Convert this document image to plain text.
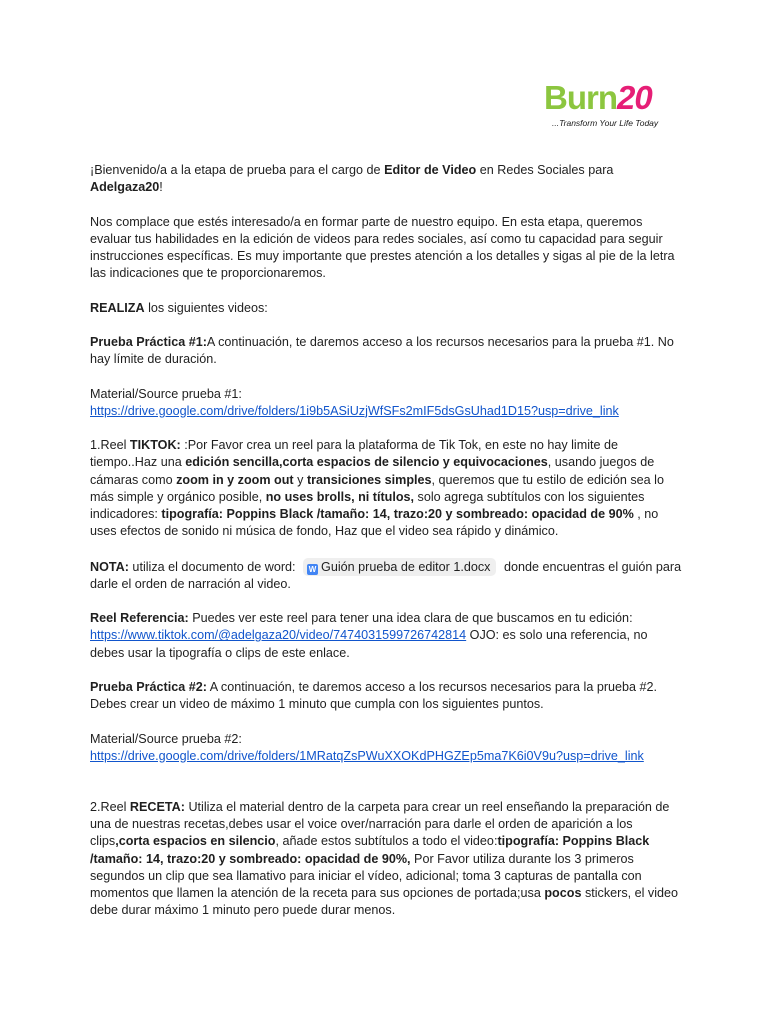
Burn20
...Transform Your Life Today

¡Bienvenido/a a la etapa de prueba para el cargo de Editor de Video en Redes Sociales para
Adelgaza20!

Nos complace que estés interesado/a en formar parte de nuestro equipo. En esta etapa, queremos
evaluar tus habilidades en la edición de videos para redes sociales, así como tu capacidad para seguir
instrucciones específicas. Es muy importante que prestes atención a los detalles y sigas al pie de la letra
las indicaciones que te proporcionaremos.

REALIZA los siguientes videos:

Prueba Práctica #1:A continuación, te daremos acceso a los recursos necesarios para la prueba #1. No
hay límite de duración.

Material/Source prueba #1:
https://drive.google.com/drive/folders/1i9b5ASiUzjWfSFs2mIF5dsGsUhad1D15?usp=drive_link

1.Reel TIKTOK: :Por Favor crea un reel para la plataforma de Tik Tok, en este no hay limite de
tiempo..Haz una edición sencilla,corta espacios de silencio y equivocaciones, usando juegos de
cámaras como zoom in y zoom out y transiciones simples, queremos que tu estilo de edición sea lo
más simple y orgánico posible, no uses brolls, ni títulos, solo agrega subtítulos con los siguientes
indicadores: tipografía: Poppins Black /tamaño: 14, trazo:20 y sombreado: opacidad de 90% , no
uses efectos de sonido ni música de fondo, Haz que el video sea rápido y dinámico.

NOTA: utiliza el documento de word: W Guión prueba de editor 1.docx donde encuentras el guión para
darle el orden de narración al video.

Reel Referencia: Puedes ver este reel para tener una idea clara de que buscamos en tu edición:
https://www.tiktok.com/@adelgaza20/video/7474031599726742814 OJO: es solo una referencia, no
debes usar la tipografía o clips de este enlace.

Prueba Práctica #2: A continuación, te daremos acceso a los recursos necesarios para la prueba #2.
Debes crear un video de máximo 1 minuto que cumpla con los siguientes puntos.

Material/Source prueba #2:
https://drive.google.com/drive/folders/1MRatqZsPWuXXOKdPHGZEp5ma7K6i0V9u?usp=drive_link

2.Reel RECETA: Utiliza el material dentro de la carpeta para crear un reel enseñando la preparación de
una de nuestras recetas,debes usar el voice over/narración para darle el orden de aparición a los
clips,corta espacios en silencio, añade estos subtítulos a todo el video:tipografía: Poppins Black
/tamaño: 14, trazo:20 y sombreado: opacidad de 90%, Por Favor utiliza durante los 3 primeros
segundos un clip que sea llamativo para iniciar el vídeo, adicional; toma 3 capturas de pantalla con
momentos que llamen la atención de la receta para sus opciones de portada;usa pocos stickers, el video
debe durar máximo 1 minuto pero puede durar menos.
